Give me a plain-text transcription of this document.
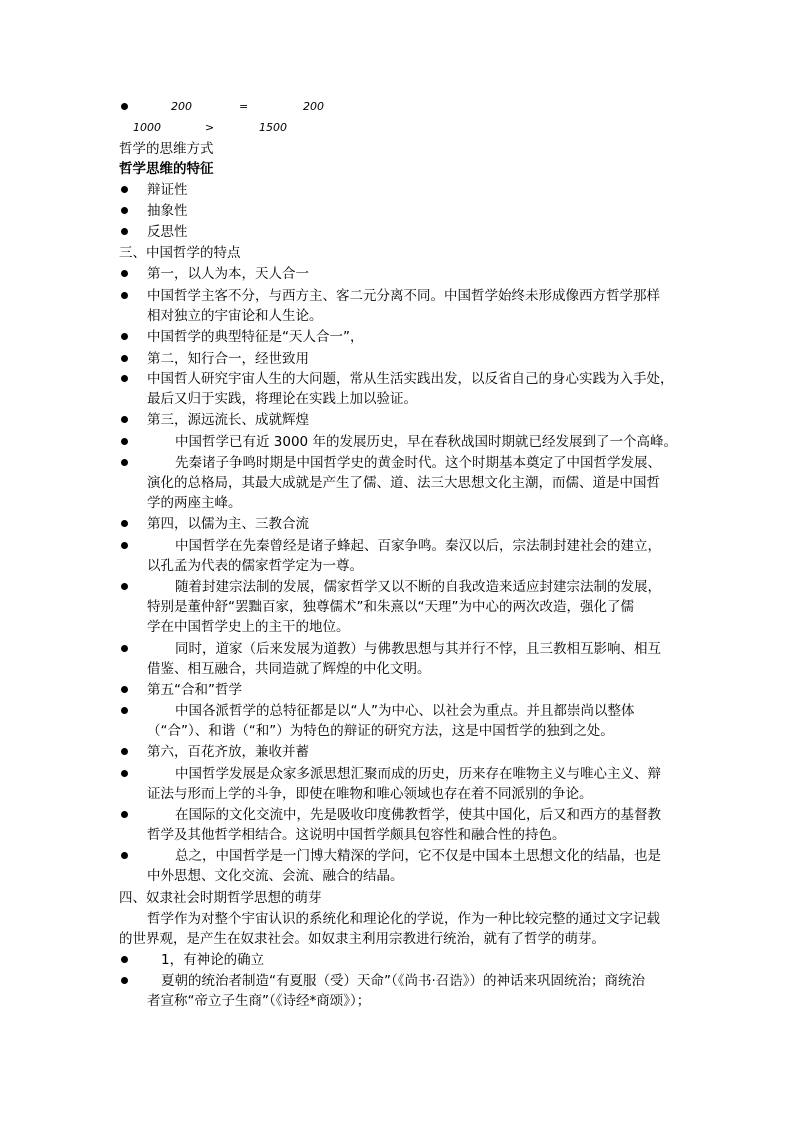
200	=	200
1000	>	1500
哲学的思维方式
哲学思维的特征
辩证性
抽象性
反思性
三、中国哲学的特点
第一，以人为本，天人合一
中国哲学主客不分，与西方主、客二元分离不同。中国哲学始终未形成像西方哲学那样
相对独立的宇宙论和人生论。
中国哲学的典型特征是“天人合一”，
第二，知行合一，经世致用
中国哲人研究宇宙人生的大问题，常从生活实践出发，以反省自己的身心实践为入手处，
最后又归于实践，将理论在实践上加以验证。
第三，源远流长、成就辉煌
中国哲学已有近 3000 年的发展历史，早在春秋战国时期就已经发展到了一个高峰。
先秦诸子争鸣时期是中国哲学史的黄金时代。这个时期基本奠定了中国哲学发展、
演化的总格局，其最大成就是产生了儒、道、法三大思想文化主潮，而儒、道是中国哲
学的两座主峰。
第四，以儒为主、三教合流
中国哲学在先秦曾经是诸子蜂起、百家争鸣。秦汉以后，宗法制封建社会的建立，
以孔孟为代表的儒家哲学定为一尊。
随着封建宗法制的发展，儒家哲学又以不断的自我改造来适应封建宗法制的发展，
特别是董仲舒“罢黜百家，独尊儒术”和朱熹以“天理”为中心的两次改造，强化了儒
学在中国哲学史上的主干的地位。
同时，道家（后来发展为道教）与佛教思想与其并行不悖，且三教相互影响、相互
借鉴、相互融合，共同造就了辉煌的中化文明。
第五“合和”哲学
中国各派哲学的总特征都是以“人”为中心、以社会为重点。并且都崇尚以整体
（“合”）、和谐（“和”）为特色的辩证的研究方法，这是中国哲学的独到之处。
第六，百花齐放，兼收并蓄
中国哲学发展是众家多派思想汇聚而成的历史，历来存在唯物主义与唯心主义、辩
证法与形而上学的斗争，即使在唯物和唯心领域也存在着不同派别的争论。
在国际的文化交流中，先是吸收印度佛教哲学，使其中国化，后又和西方的基督教
哲学及其他哲学相结合。这说明中国哲学颇具包容性和融合性的持色。
总之，中国哲学是一门博大精深的学问，它不仅是中国本土思想文化的结晶，也是
中外思想、文化交流、会流、融合的结晶。
四、奴隶社会时期哲学思想的萌芽
哲学作为对整个宇宙认识的系统化和理论化的学说，作为一种比较完整的通过文字记载
的世界观，是产生在奴隶社会。如奴隶主利用宗教进行统治，就有了哲学的萌芽。
1，有神论的确立
夏朝的统治者制造“有夏服（受）天命”（《尚书·召诰》）的神话来巩固统治；商统治
者宣称“帝立子生商”（《诗经*商颂》）；
